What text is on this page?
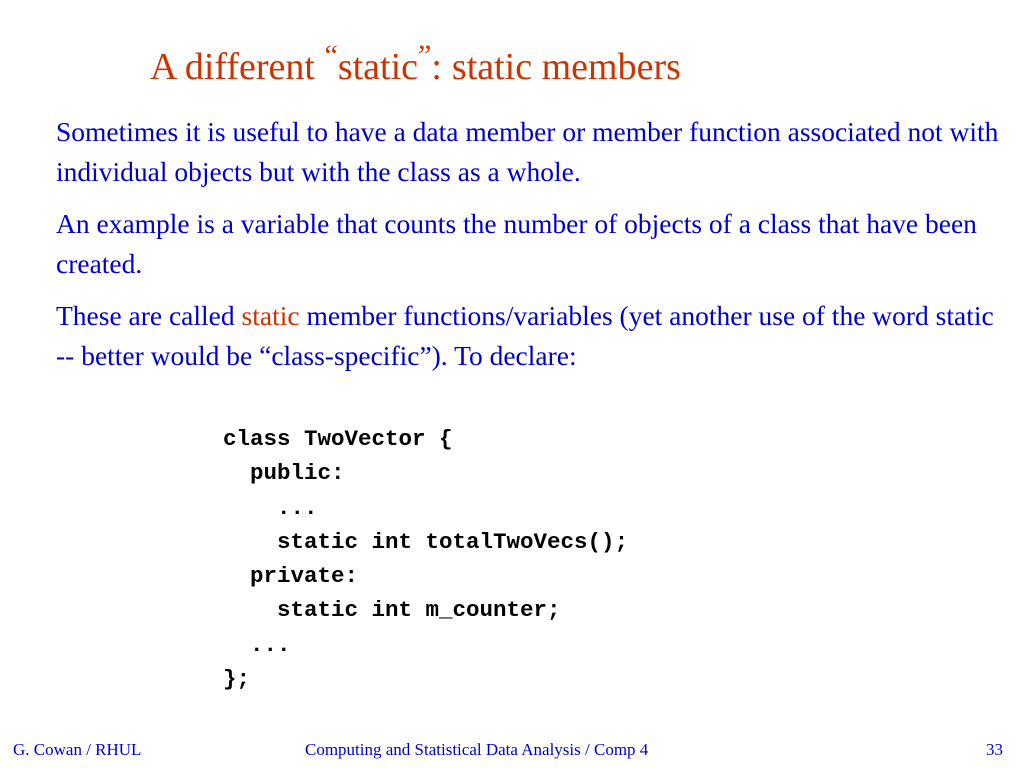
A different “static”: static members

Sometimes it is useful to have a data member or member function associated not with individual objects but with the class as a whole.

An example is a variable that counts the number of objects of a class that have been created.

These are called static member functions/variables (yet another use of the word static -- better would be “class-specific”). To declare:

class TwoVector {
public:
...
static int totalTwoVecs();
private:
static int m_counter;
...
};
G. Cowan / RHUL	Computing and Statistical Data Analysis / Comp 4	33
